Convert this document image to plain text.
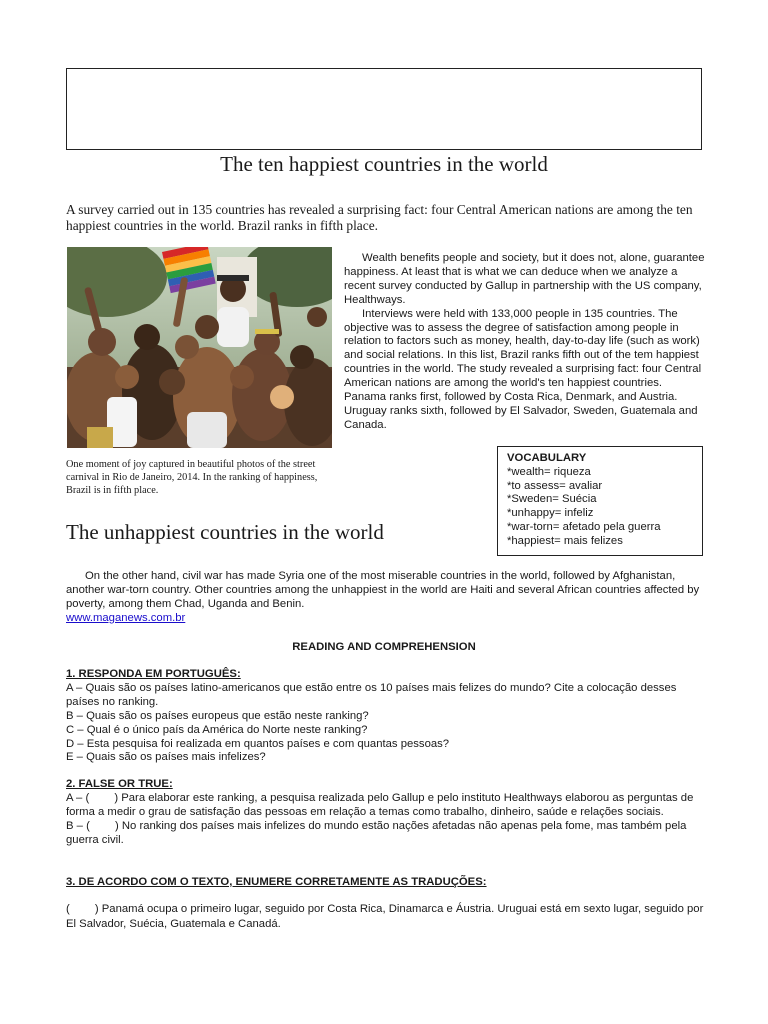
The ten happiest countries in the world
A survey carried out in 135 countries has revealed a surprising fact: four Central American nations are among the ten happiest countries in the world. Brazil ranks in fifth place.
One moment of joy captured in beautiful photos of the street carnival in Rio de Janeiro, 2014. In the ranking of happiness, Brazil is in fifth place.

Wealth benefits people and society, but it does not, alone, guarantee happiness. At least that is what we can deduce when we analyze a recent survey conducted by Gallup in partnership with the US company, Healthways.

Interviews were held with 133,000 people in 135 countries. The objective was to assess the degree of satisfaction among people in relation to factors such as money, health, day-to-day life (such as work) and social relations. In this list, Brazil ranks fifth out of the tem happiest countries in the world. The study revealed a surprising fact: four Central American nations are among the world's ten happiest countries. Panama ranks first, followed by Costa Rica, Denmark, and Austria. Uruguay ranks sixth, followed by El Salvador, Sweden, Guatemala and Canada.

VOCABULARY
*wealth= riqueza
*to assess= avaliar
*Sweden= Suécia
*unhappy= infeliz
*war-torn= afetado pela guerra
*happiest= mais felizes
The unhappiest countries in the world

On the other hand, civil war has made Syria one of the most miserable countries in the world, followed by Afghanistan, another war-torn country. Other countries among the unhappiest in the world are Haiti and several African countries affected by poverty, among them Chad, Uganda and Benin.

www.maganews.com.br
READING AND COMPREHENSION
1. RESPONDA EM PORTUGUÊS:
A – Quais são os países latino-americanos que estão entre os 10 países mais felizes do mundo? Cite a colocação desses países no ranking.
B – Quais são os países europeus que estão neste ranking?
C – Qual é o único país da América do Norte neste ranking?
D – Esta pesquisa foi realizada em quantos países e com quantas pessoas?
E – Quais são os países mais infelizes?
2. FALSE OR TRUE:
A – (        ) Para elaborar este ranking, a pesquisa realizada pelo Gallup e pelo instituto Healthways elaborou as perguntas de forma a medir o grau de satisfação das pessoas em relação a temas como trabalho, dinheiro, saúde e relações sociais.
B – (        ) No ranking dos países mais infelizes do mundo estão nações afetadas não apenas pela fome, mas também pela guerra civil.
3. DE ACORDO COM O TEXTO, ENUMERE CORRETAMENTE AS TRADUÇÕES:
(        ) Panamá ocupa o primeiro lugar, seguido por Costa Rica, Dinamarca e Áustria. Uruguai está em sexto lugar, seguido por El Salvador, Suécia, Guatemala e Canadá.
